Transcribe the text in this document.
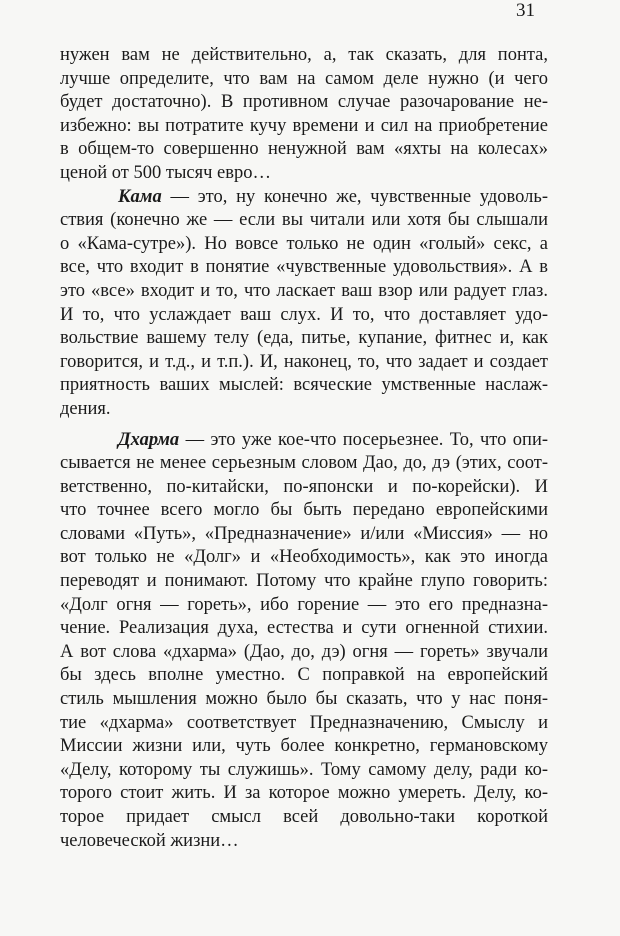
31
нужен вам не действительно, а, так сказать, для понта,
лучше определите, что вам на самом деле нужно (и чего
будет достаточно). В противном случае разочарование не-
избежно: вы потратите кучу времени и сил на приобретение
в общем-то совершенно ненужной вам «яхты на колесах»
ценой от 500 тысяч евро…
Кама — это, ну конечно же, чувственные удоволь-
ствия (конечно же — если вы читали или хотя бы слышали
о «Кама-сутре»). Но вовсе только не один «голый» секс, а
все, что входит в понятие «чувственные удовольствия». А в
это «все» входит и то, что ласкает ваш взор или радует глаз.
И то, что услаждает ваш слух. И то, что доставляет удо-
вольствие вашему телу (еда, питье, купание, фитнес и, как
говорится, и т.д., и т.п.). И, наконец, то, что задает и создает
приятность ваших мыслей: всяческие умственные наслаж-
дения.
Дхарма — это уже кое-что посерьезнее. То, что опи-
сывается не менее серьезным словом Дао, до, дэ (этих, соот-
ветственно, по-китайски, по-японски и по-корейски). И
что точнее всего могло бы быть передано европейскими
словами «Путь», «Предназначение» и/или «Миссия» — но
вот только не «Долг» и «Необходимость», как это иногда
переводят и понимают. Потому что крайне глупо говорить:
«Долг огня — гореть», ибо горение — это его предназна-
чение. Реализация духа, естества и сути огненной стихии.
А вот слова «дхарма» (Дао, до, дэ) огня — гореть» звучали
бы здесь вполне уместно. С поправкой на европейский
стиль мышления можно было бы сказать, что у нас поня-
тие «дхарма» соответствует Предназначению, Смыслу и
Миссии жизни или, чуть более конкретно, германовскому
«Делу, которому ты служишь». Тому самому делу, ради ко-
торого стоит жить. И за которое можно умереть. Делу, ко-
торое придает смысл всей довольно-таки короткой
человеческой жизни…
